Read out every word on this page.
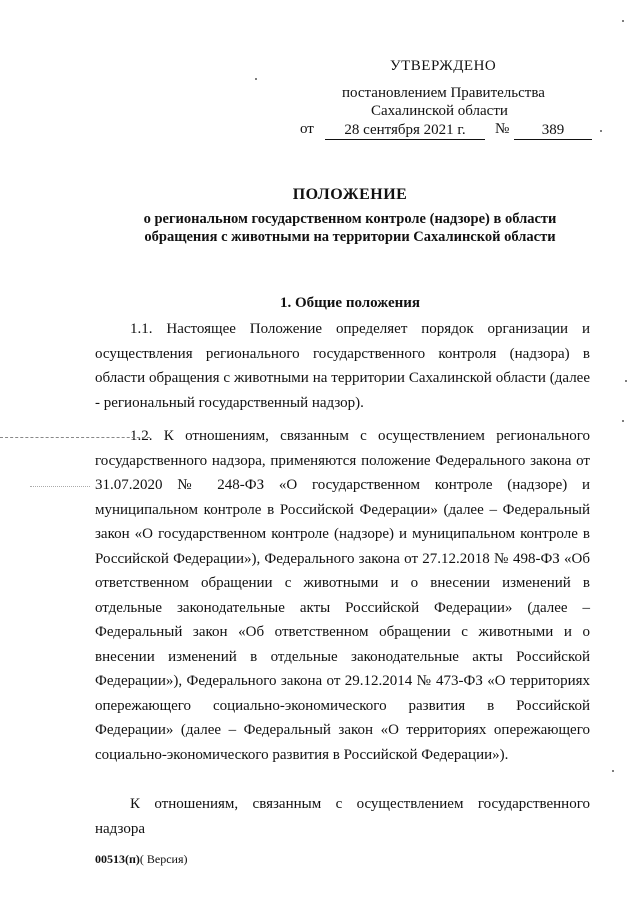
УТВЕРЖДЕНО
постановлением Правительства
Сахалинской области
от	28 сентября 2021 г.	№	389
ПОЛОЖЕНИЕ
о региональном государственном контроле (надзоре) в области
обращения с животными на территории Сахалинской области
1. Общие положения
1.1. Настоящее Положение определяет порядок организации и осуществления регионального государственного контроля (надзора) в области обращения с животными на территории Сахалинской области (далее - региональный государственный надзор).
1.2. К отношениям, связанным с осуществлением регионального государственного надзора, применяются положение Федерального закона от 31.07.2020 № 248-ФЗ «О государственном контроле (надзоре) и муниципальном контроле в Российской Федерации» (далее – Федеральный закон «О государственном контроле (надзоре) и муниципальном контроле в Российской Федерации»), Федерального закона от 27.12.2018 № 498-ФЗ «Об ответственном обращении с животными и о внесении изменений в отдельные законодательные акты Российской Федерации» (далее – Федеральный закон «Об ответственном обращении с животными и о внесении изменений в отдельные законодательные акты Российской Федерации»), Федерального закона от 29.12.2014 № 473-ФЗ «О территориях опережающего социально-экономического развития в Российской Федерации» (далее – Федеральный закон «О территориях опережающего социально-экономического развития в Российской Федерации»).
К отношениям, связанным с осуществлением государственного надзора
00513(п)( Версия)
